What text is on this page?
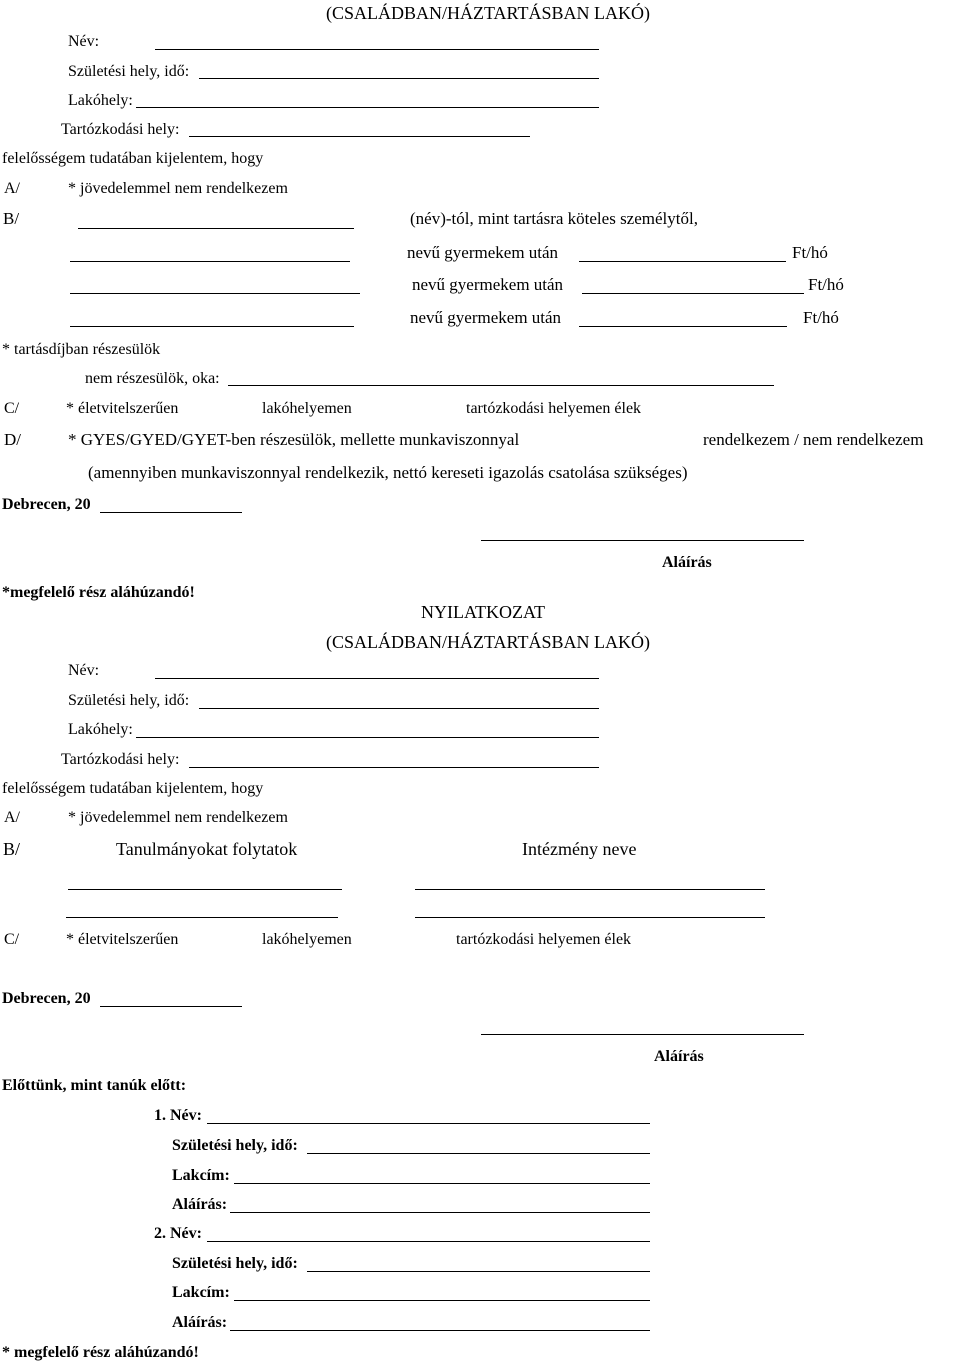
(CSALÁDBAN/HÁZTARTÁSBAN LAKÓ)
Név:
Születési hely, idő:
Lakóhely:
Tartózkodási hely:
felelősségem tudatában kijelentem, hogy
A/	* jövedelemmel nem rendelkezem
B/	(név)-tól, mint tartásra köteles személytől,
nevű gyermekem után	Ft/hó
nevű gyermekem után	Ft/hó
nevű gyermekem után	Ft/hó
* tartásdíjban részesülök
nem részesülök, oka:
C/	* életvitelszerűen	lakóhelyemen	tartózkodási helyemen élek
D/	* GYES/GYED/GYET-ben részesülök, mellette munkaviszonnyal	rendelkezem / nem rendelkezem
(amennyiben munkaviszonnyal rendelkezik, nettó kereseti igazolás csatolása szükséges)
Debrecen, 20
Aláírás
*megfelelő rész aláhúzandó!
NYILATKOZAT
(CSALÁDBAN/HÁZTARTÁSBAN LAKÓ)
Név:
Születési hely, idő:
Lakóhely:
Tartózkodási hely:
felelősségem tudatában kijelentem, hogy
A/	* jövedelemmel nem rendelkezem
B/	Tanulmányokat folytatok	Intézmény neve
C/	* életvitelszerűen	lakóhelyemen	tartózkodási helyemen élek
Debrecen, 20
Aláírás
Előttünk, mint tanúk előtt:
1. Név:
Születési hely, idő:
Lakcím:
Aláírás:
2. Név:
Születési hely, idő:
Lakcím:
Aláírás:
* megfelelő rész aláhúzandó!
